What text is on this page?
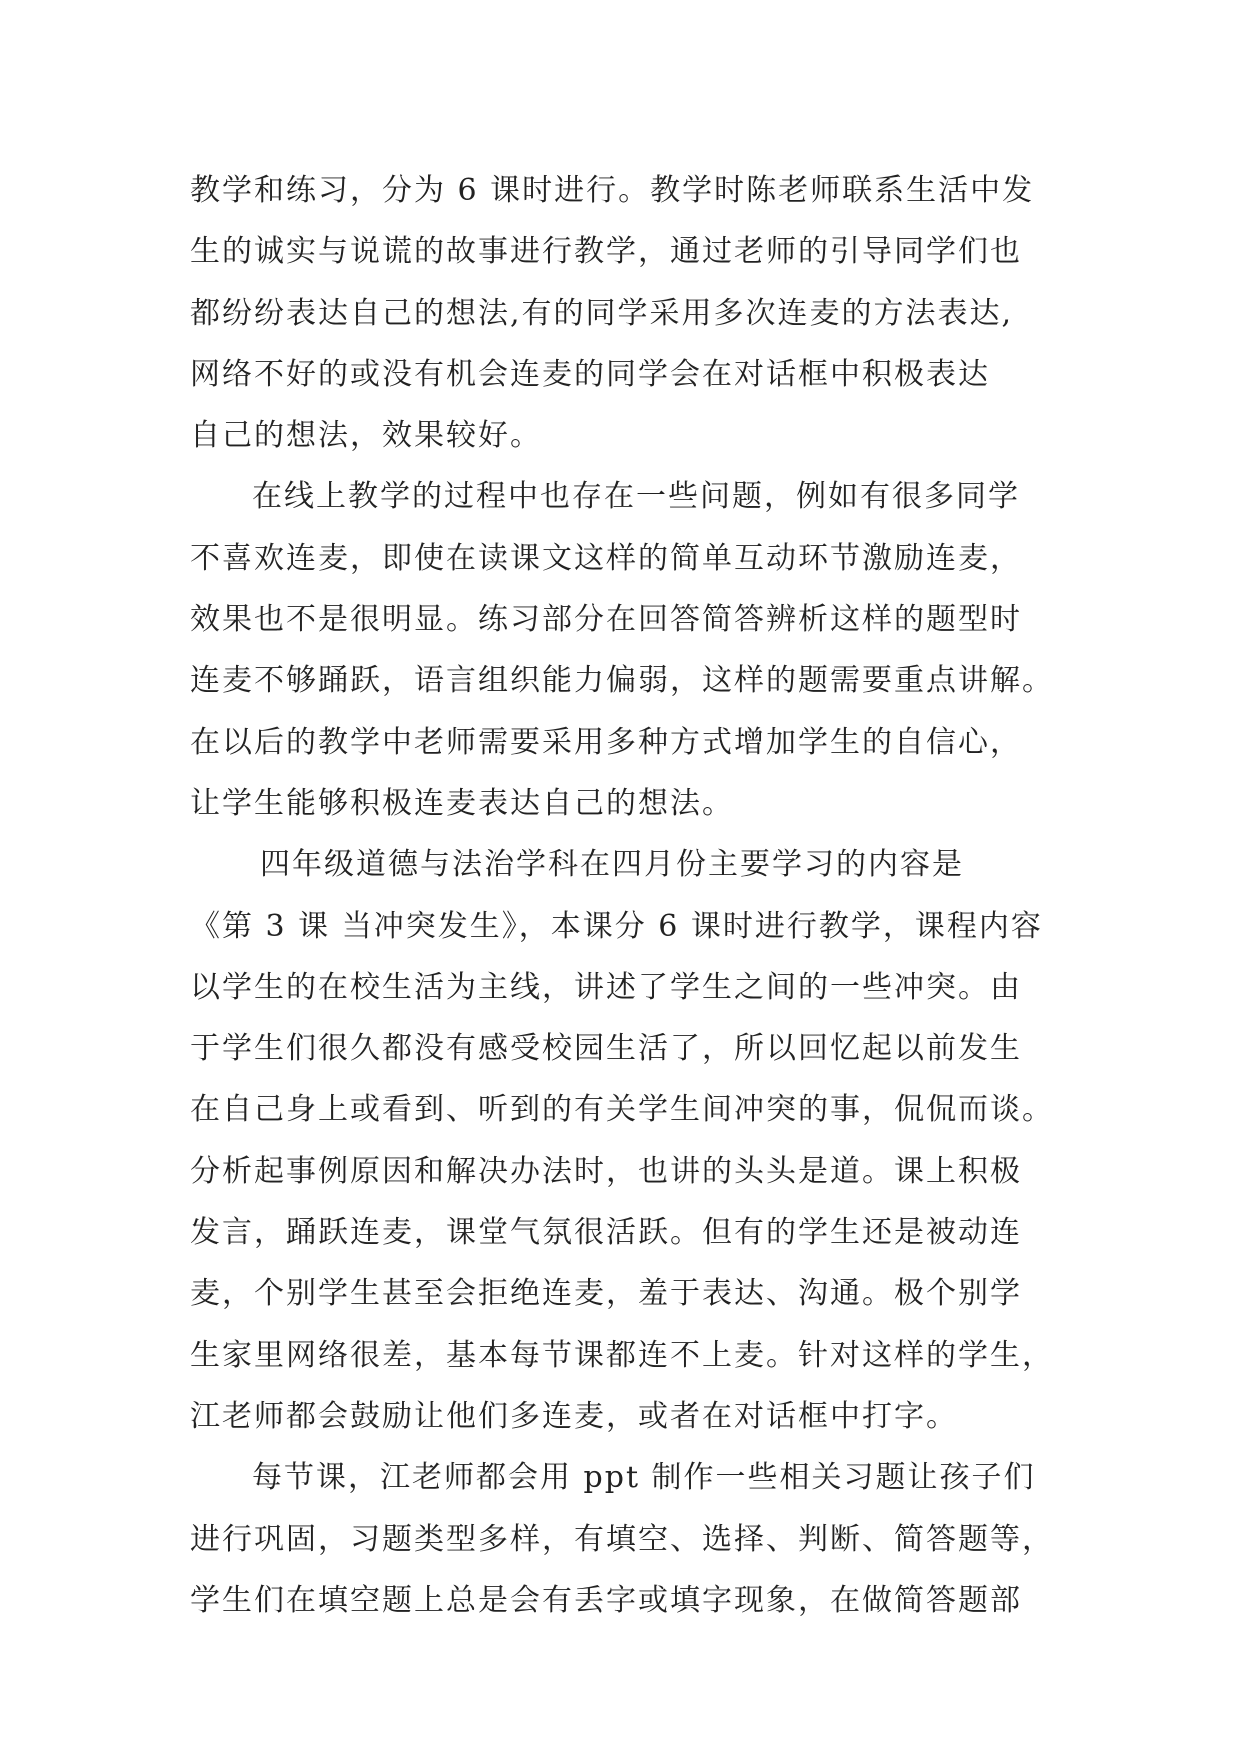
教学和练习，分为 6 课时进行。教学时陈老师联系生活中发
生的诚实与说谎的故事进行教学，通过老师的引导同学们也
都纷纷表达自己的想法,有的同学采用多次连麦的方法表达,
网络不好的或没有机会连麦的同学会在对话框中积极表达
自己的想法，效果较好。
在线上教学的过程中也存在一些问题，例如有很多同学
不喜欢连麦，即使在读课文这样的简单互动环节激励连麦，
效果也不是很明显。练习部分在回答简答辨析这样的题型时
连麦不够踊跃，语言组织能力偏弱，这样的题需要重点讲解。
在以后的教学中老师需要采用多种方式增加学生的自信心，
让学生能够积极连麦表达自己的想法。
四年级道德与法治学科在四月份主要学习的内容是
《第 3 课 当冲突发生》，本课分 6 课时进行教学，课程内容
以学生的在校生活为主线，讲述了学生之间的一些冲突。由
于学生们很久都没有感受校园生活了，所以回忆起以前发生
在自己身上或看到、听到的有关学生间冲突的事，侃侃而谈。
分析起事例原因和解决办法时，也讲的头头是道。课上积极
发言，踊跃连麦，课堂气氛很活跃。但有的学生还是被动连
麦，个别学生甚至会拒绝连麦，羞于表达、沟通。极个别学
生家里网络很差，基本每节课都连不上麦。针对这样的学生，
江老师都会鼓励让他们多连麦，或者在对话框中打字。
每节课，江老师都会用 ppt 制作一些相关习题让孩子们
进行巩固，习题类型多样，有填空、选择、判断、简答题等，
学生们在填空题上总是会有丢字或填字现象，在做简答题部
